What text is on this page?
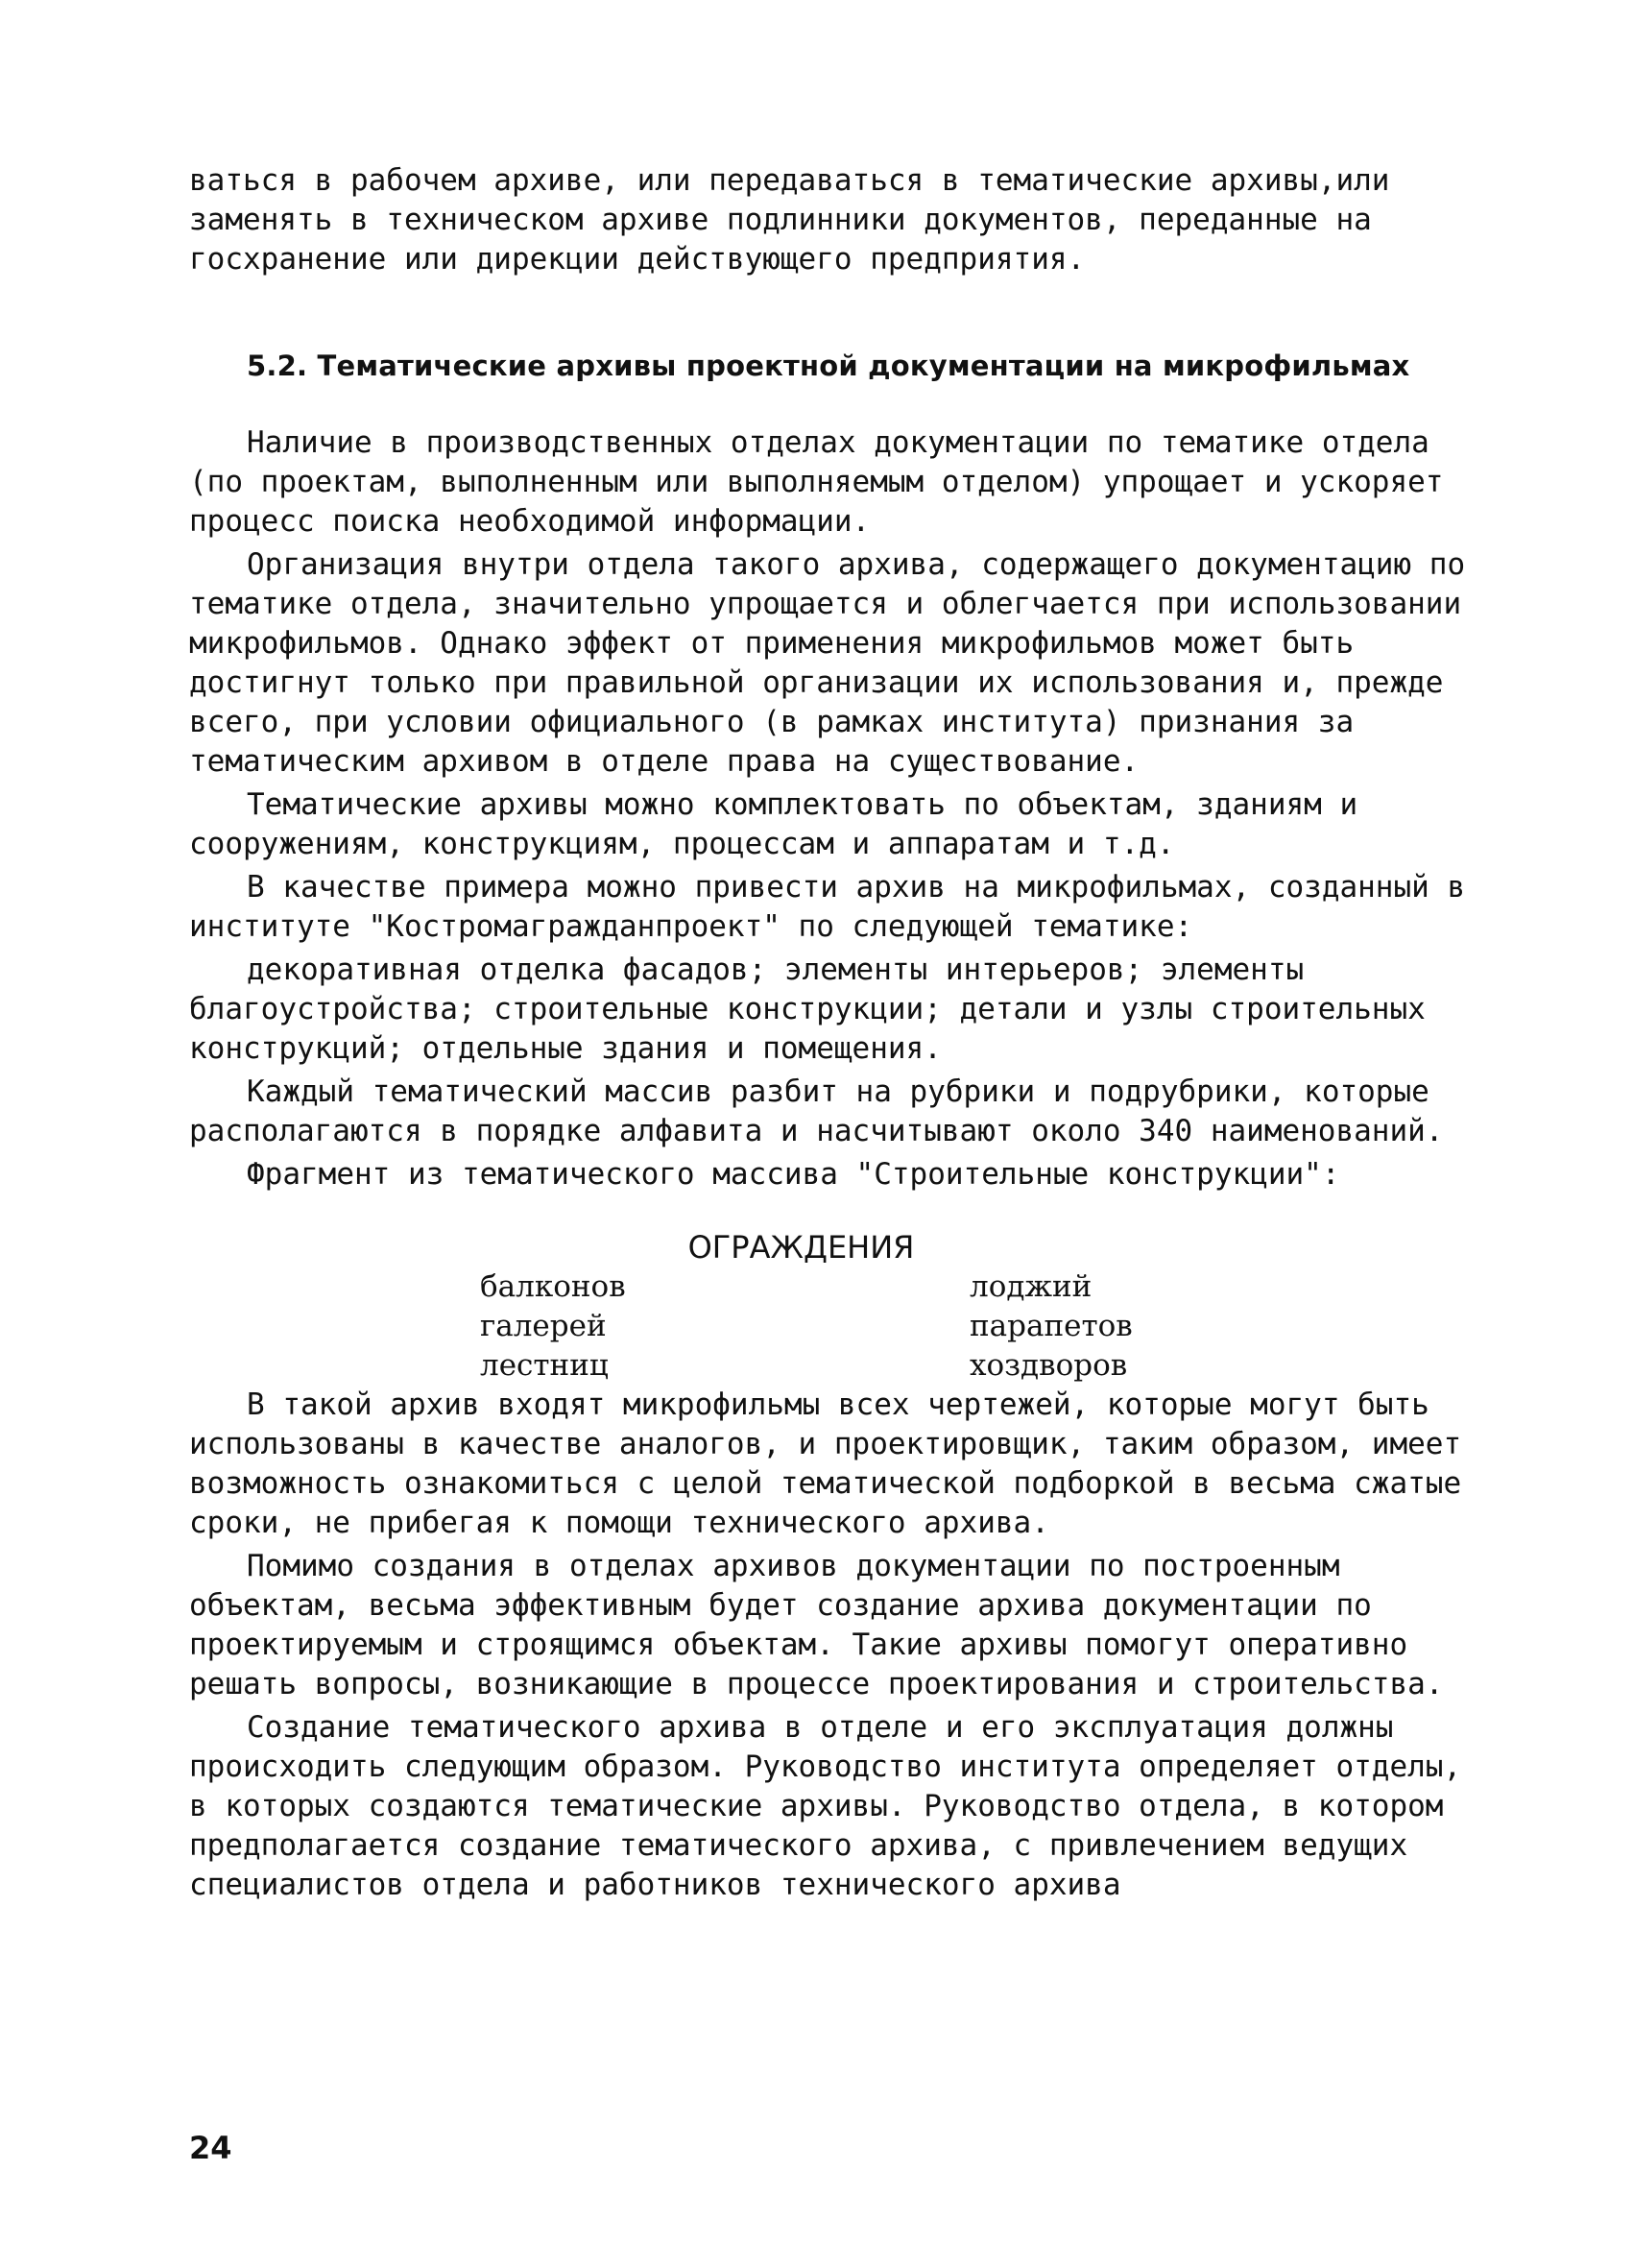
ваться в рабочем архиве, или передаваться в тематические архивы,или заменять в техническом архиве подлинники документов, переданные на госхранение или дирекции действующего предприятия.

5.2. Тематические архивы проектной документации на микрофильмах

Наличие в производственных отделах документации по тематике отдела (по проектам, выполненным или выполняемым отделом) упрощает и ускоряет процесс поиска необходимой информации.

Организация внутри отдела такого архива, содержащего документацию по тематике отдела, значительно упрощается и облегчается при использовании микрофильмов. Однако эффект от применения микрофильмов может быть достигнут только при правильной организации их использования и, прежде всего, при условии официального (в рамках института) признания за тематическим архивом в отделе права на существование.

Тематические архивы можно комплектовать по объектам, зданиям и сооружениям, конструкциям, процессам и аппаратам и т.д.

В качестве примера можно привести архив на микрофильмах, созданный в институте "Костромагражданпроект" по следующей тематике:

декоративная отделка фасадов; элементы интерьеров; элементы благоустройства; строительные конструкции; детали и узлы строительных конструкций; отдельные здания и помещения.

Каждый тематический массив разбит на рубрики и подрубрики, которые располагаются в порядке алфавита и насчитывают около 340 наименований.

Фрагмент из тематического массива "Строительные конструкции":

ОГРАЖДЕНИЯ
балконов	лоджий
галерей	парапетов
лестниц	хоздворов

В такой архив входят микрофильмы всех чертежей, которые могут быть использованы в качестве аналогов, и проектировщик, таким образом, имеет возможность ознакомиться с целой тематической подборкой в весьма сжатые сроки, не прибегая к помощи технического архива.

Помимо создания в отделах архивов документации по построенным объектам, весьма эффективным будет создание архива документации по проектируемым и строящимся объектам. Такие архивы помогут оперативно решать вопросы, возникающие в процессе проектирования и строительства.

Создание тематического архива в отделе и его эксплуатация должны происходить следующим образом. Руководство института определяет отделы, в которых создаются тематические архивы. Руководство отдела, в котором предполагается создание тематического архива, с привлечением ведущих специалистов отдела и работников технического архива

24
